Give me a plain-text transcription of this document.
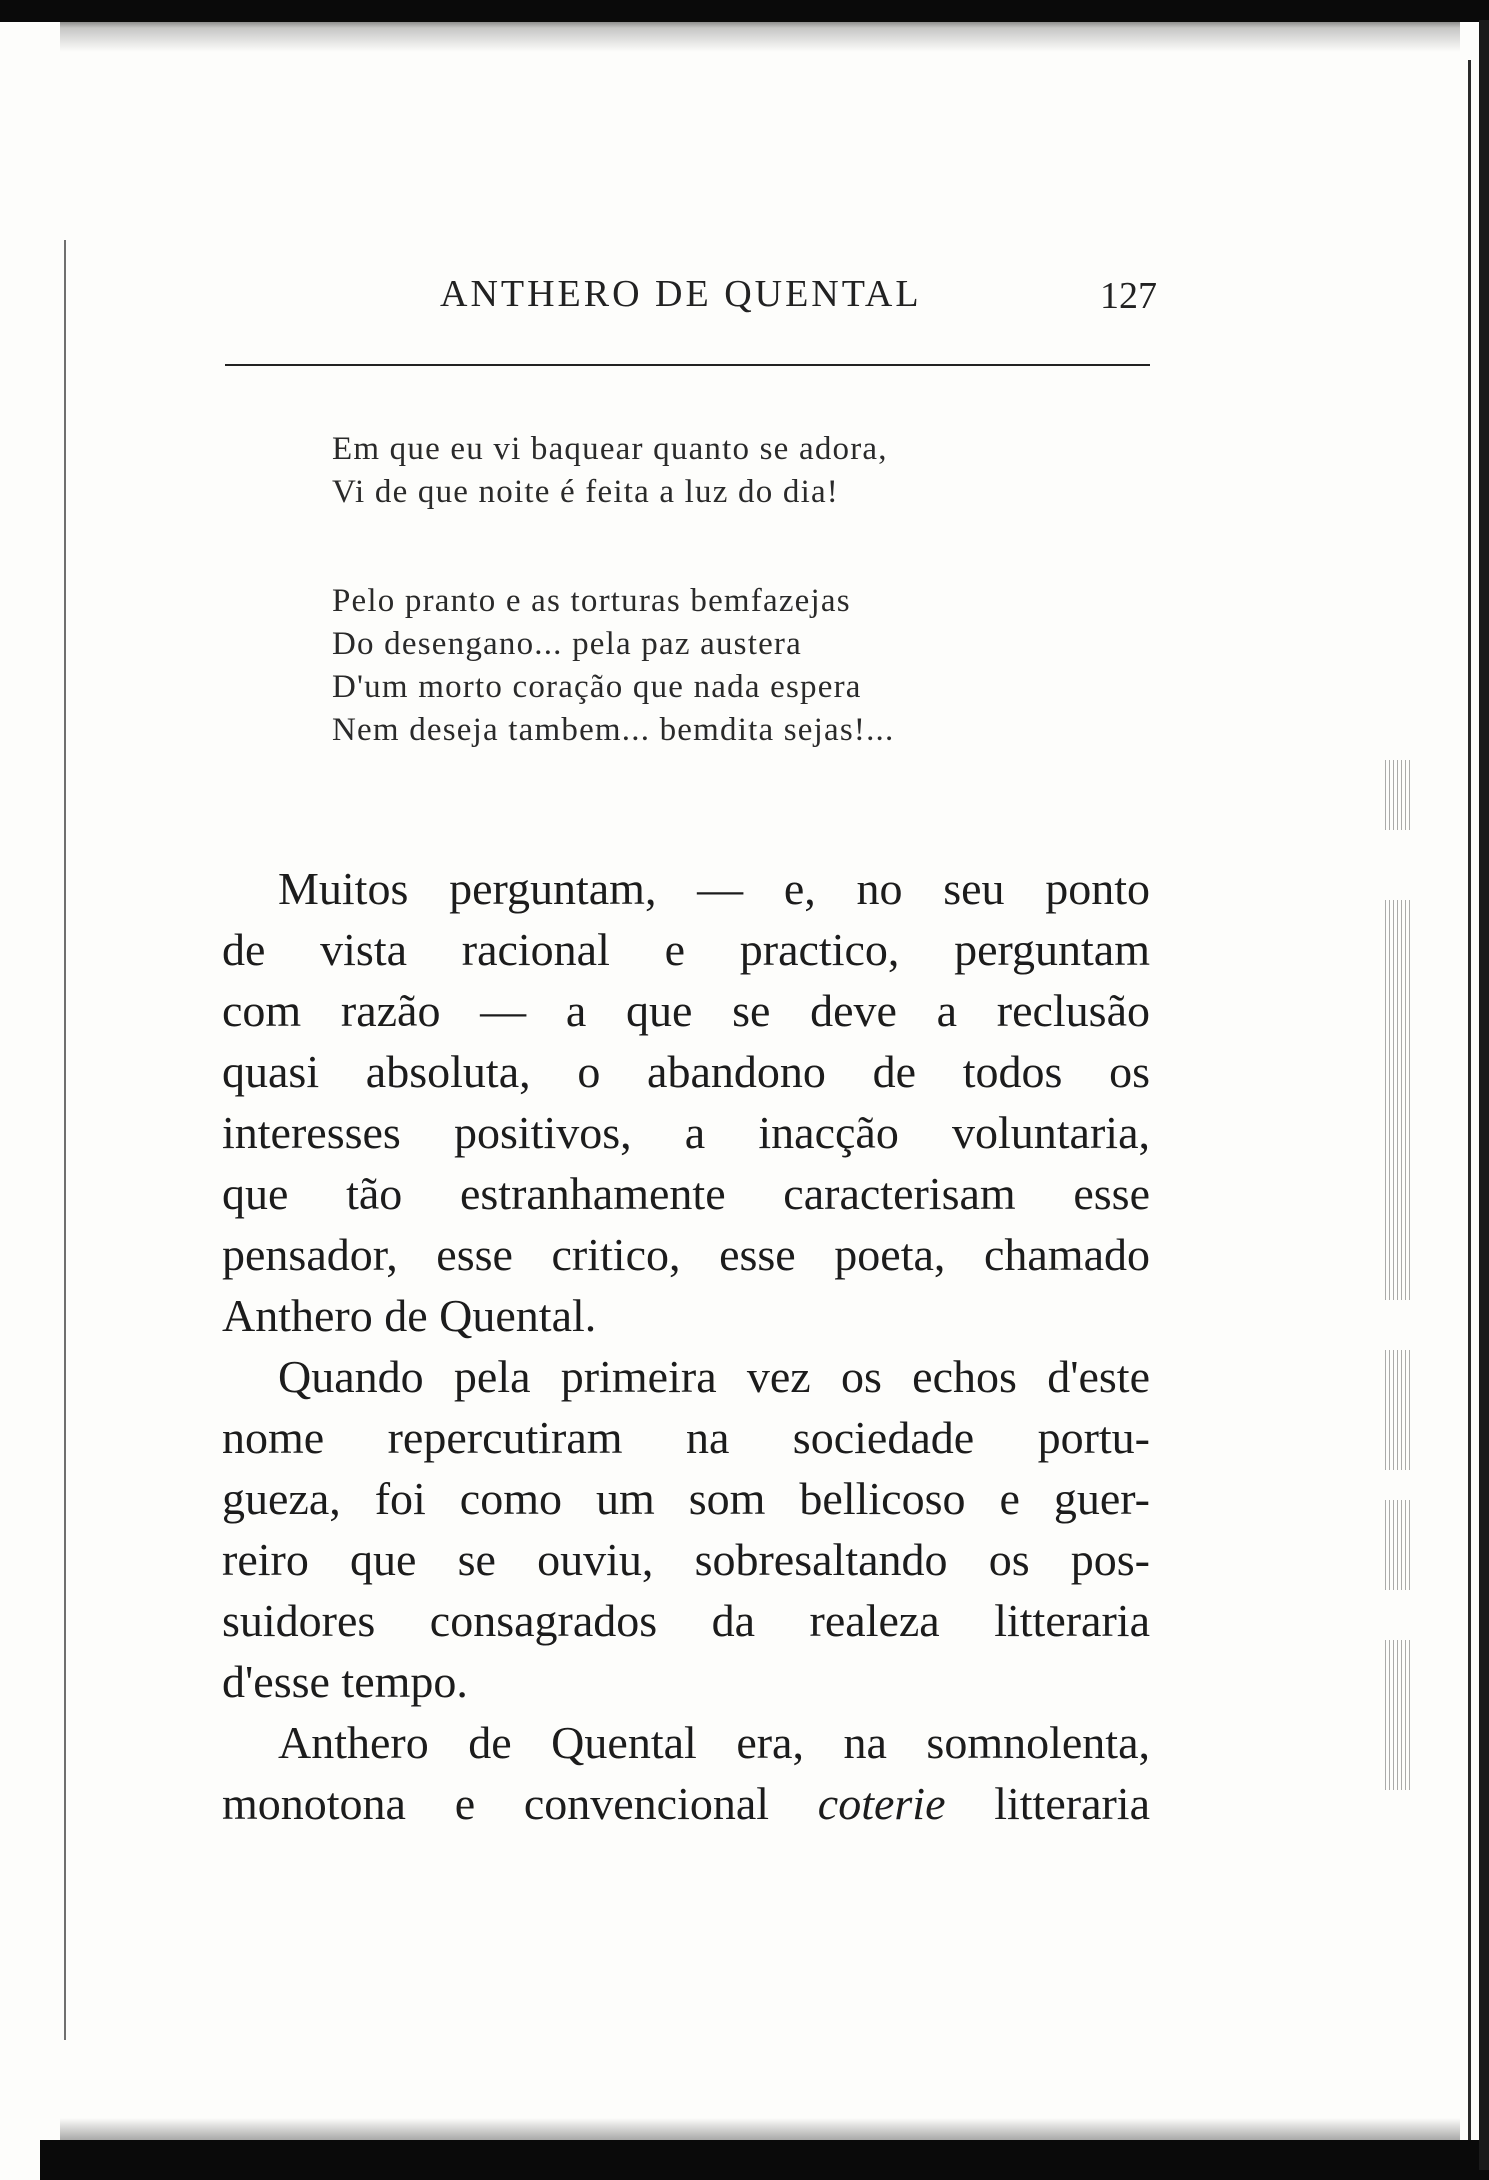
ANTHERO DE QUENTAL	127
Em que eu vi baquear quanto se adora,
Vi de que noite é feita a luz do dia!
Pelo pranto e as torturas bemfazejas
Do desengano... pela paz austera
D'um morto coração que nada espera
Nem deseja tambem... bemdita sejas!...
Muitos perguntam, — e, no seu ponto
de vista racional e practico, perguntam
com razão — a que se deve a reclusão
quasi absoluta, o abandono de todos os
interesses positivos, a inacção voluntaria,
que tão estranhamente caracterisam esse
pensador, esse critico, esse poeta, chamado
Anthero de Quental.
Quando pela primeira vez os echos d'este
nome repercutiram na sociedade portu-
gueza, foi como um som bellicoso e guer-
reiro que se ouviu, sobresaltando os pos-
suidores consagrados da realeza litteraria
d'esse tempo.
Anthero de Quental era, na somnolenta,
monotona e convencional coterie litteraria
